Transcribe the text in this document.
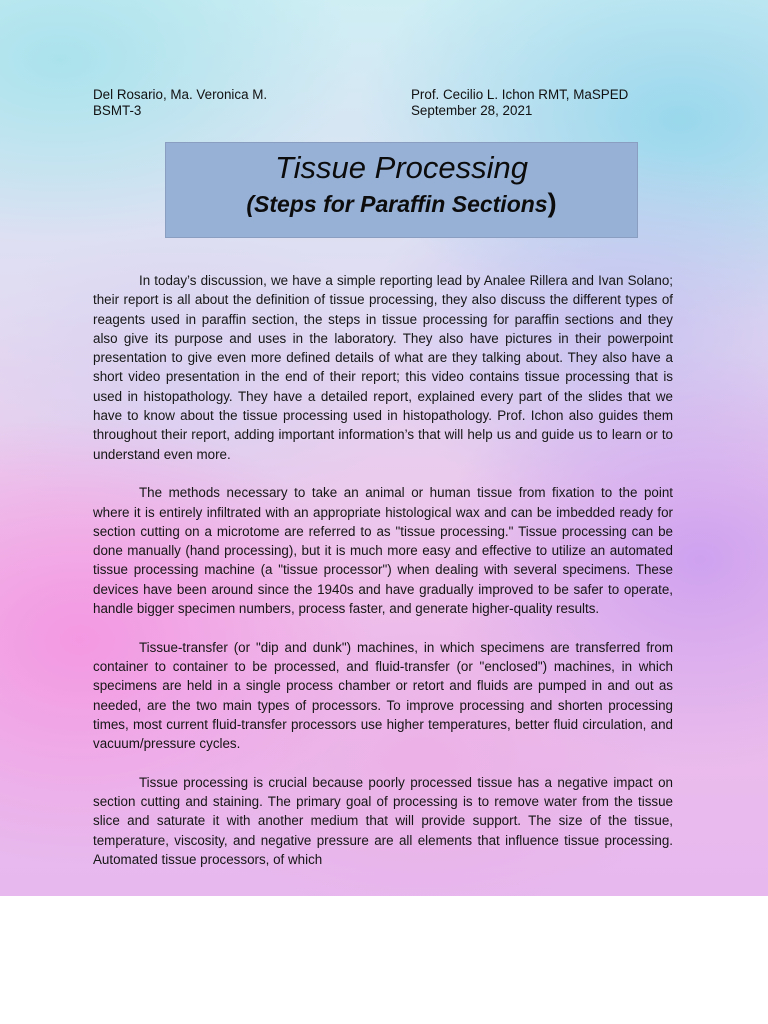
Del Rosario, Ma. Veronica M.
BSMT-3
Prof. Cecilio L. Ichon RMT, MaSPED
September 28, 2021
Tissue Processing
(Steps for Paraffin Sections)

In today’s discussion, we have a simple reporting lead by Analee Rillera and Ivan Solano; their report is all about the definition of tissue processing, they also discuss the different types of reagents used in paraffin section, the steps in tissue processing for paraffin sections and they also give its purpose and uses in the laboratory. They also have pictures in their powerpoint presentation to give even more defined details of what are they talking about. They also have a short video presentation in the end of their report; this video contains tissue processing that is used in histopathology. They have a detailed report, explained every part of the slides that we have to know about the tissue processing used in histopathology. Prof. Ichon also guides them throughout their report, adding important information’s that will help us and guide us to learn or to understand even more.

The methods necessary to take an animal or human tissue from fixation to the point where it is entirely infiltrated with an appropriate histological wax and can be imbedded ready for section cutting on a microtome are referred to as "tissue processing." Tissue processing can be done manually (hand processing), but it is much more easy and effective to utilize an automated tissue processing machine (a "tissue processor") when dealing with several specimens. These devices have been around since the 1940s and have gradually improved to be safer to operate, handle bigger specimen numbers, process faster, and generate higher-quality results.

Tissue-transfer (or "dip and dunk") machines, in which specimens are transferred from container to container to be processed, and fluid-transfer (or "enclosed") machines, in which specimens are held in a single process chamber or retort and fluids are pumped in and out as needed, are the two main types of processors. To improve processing and shorten processing times, most current fluid-transfer processors use higher temperatures, better fluid circulation, and vacuum/pressure cycles.

Tissue processing is crucial because poorly processed tissue has a negative impact on section cutting and staining. The primary goal of processing is to remove water from the tissue slice and saturate it with another medium that will provide support. The size of the tissue, temperature, viscosity, and negative pressure are all elements that influence tissue processing. Automated tissue processors, of which
